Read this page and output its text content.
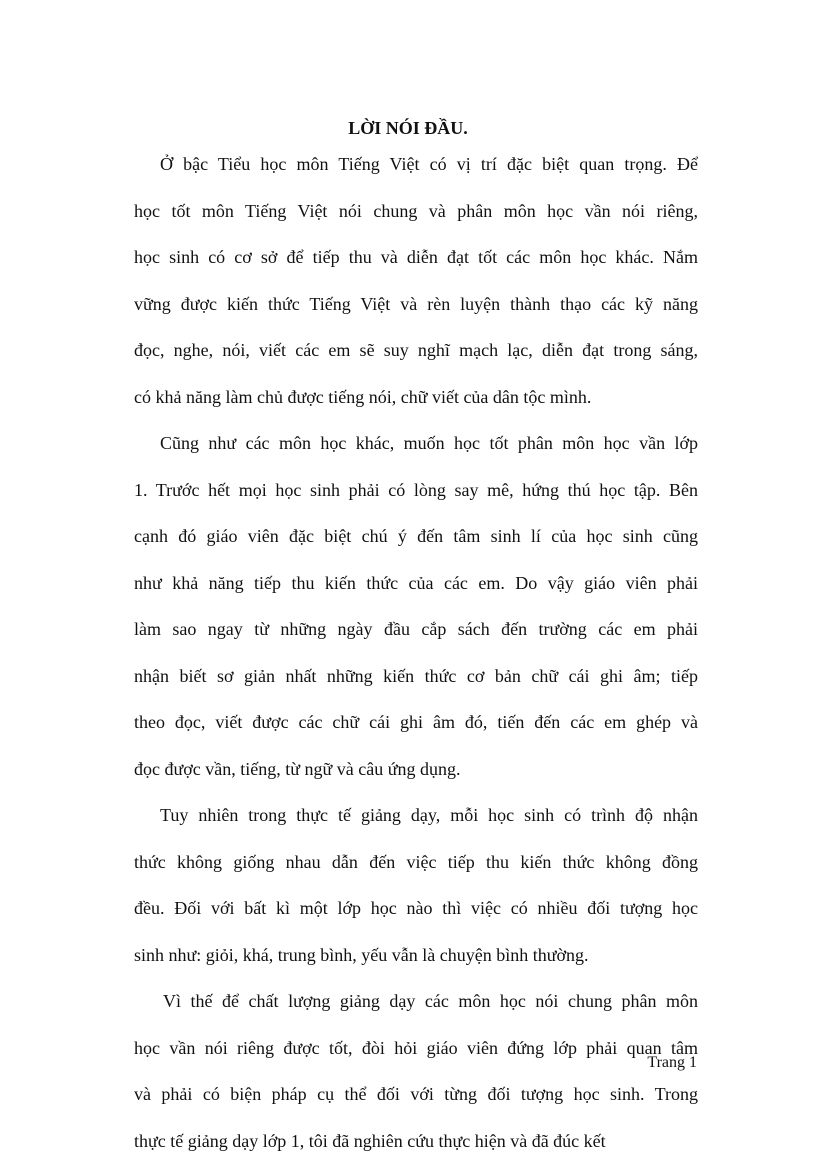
LỜI NÓI ĐẦU.
Ở bậc Tiểu học môn Tiếng Việt có vị trí đặc biệt quan trọng. Để
học tốt môn Tiếng Việt nói chung và phân môn học vần nói riêng,
học sinh có cơ sở để tiếp thu và diễn đạt tốt các môn học khác. Nắm
vững được kiến thức Tiếng Việt và rèn luyện thành thạo các kỹ năng
đọc, nghe, nói, viết các em sẽ suy nghĩ mạch lạc, diễn đạt trong sáng,
có khả năng làm chủ được tiếng nói, chữ viết của dân tộc mình.
Cũng như các môn học khác, muốn học tốt phân môn học vần lớp
1. Trước hết mọi học sinh phải có lòng say mê, hứng thú học tập. Bên
cạnh đó giáo viên đặc biệt chú ý đến tâm sinh lí của học sinh cũng
như khả năng tiếp thu kiến thức của các em. Do vậy giáo viên phải
làm sao ngay từ những ngày đầu cắp sách đến trường các em phải
nhận biết sơ giản nhất những kiến thức cơ bản chữ cái ghi âm; tiếp
theo đọc, viết được các chữ cái ghi âm đó, tiến đến các em ghép và
đọc được vần, tiếng, từ ngữ và câu ứng dụng.
Tuy nhiên trong thực tế giảng dạy, mỗi học sinh có trình độ nhận
thức không giống nhau dẫn đến việc tiếp thu kiến thức không đồng
đều. Đối với bất kì một lớp học nào thì việc có nhiều đối tượng học
sinh như: giỏi, khá, trung bình, yếu vẫn là chuyện bình thường.
Vì thế để chất lượng giảng dạy các môn học nói chung phân môn
học vần nói riêng được tốt, đòi hỏi giáo viên đứng lớp phải quan tâm
và phải có biện pháp cụ thể đối với từng đối tượng học sinh. Trong
thực tế giảng dạy lớp 1, tôi đã nghiên cứu thực hiện và đã đúc kết
Trang 1
